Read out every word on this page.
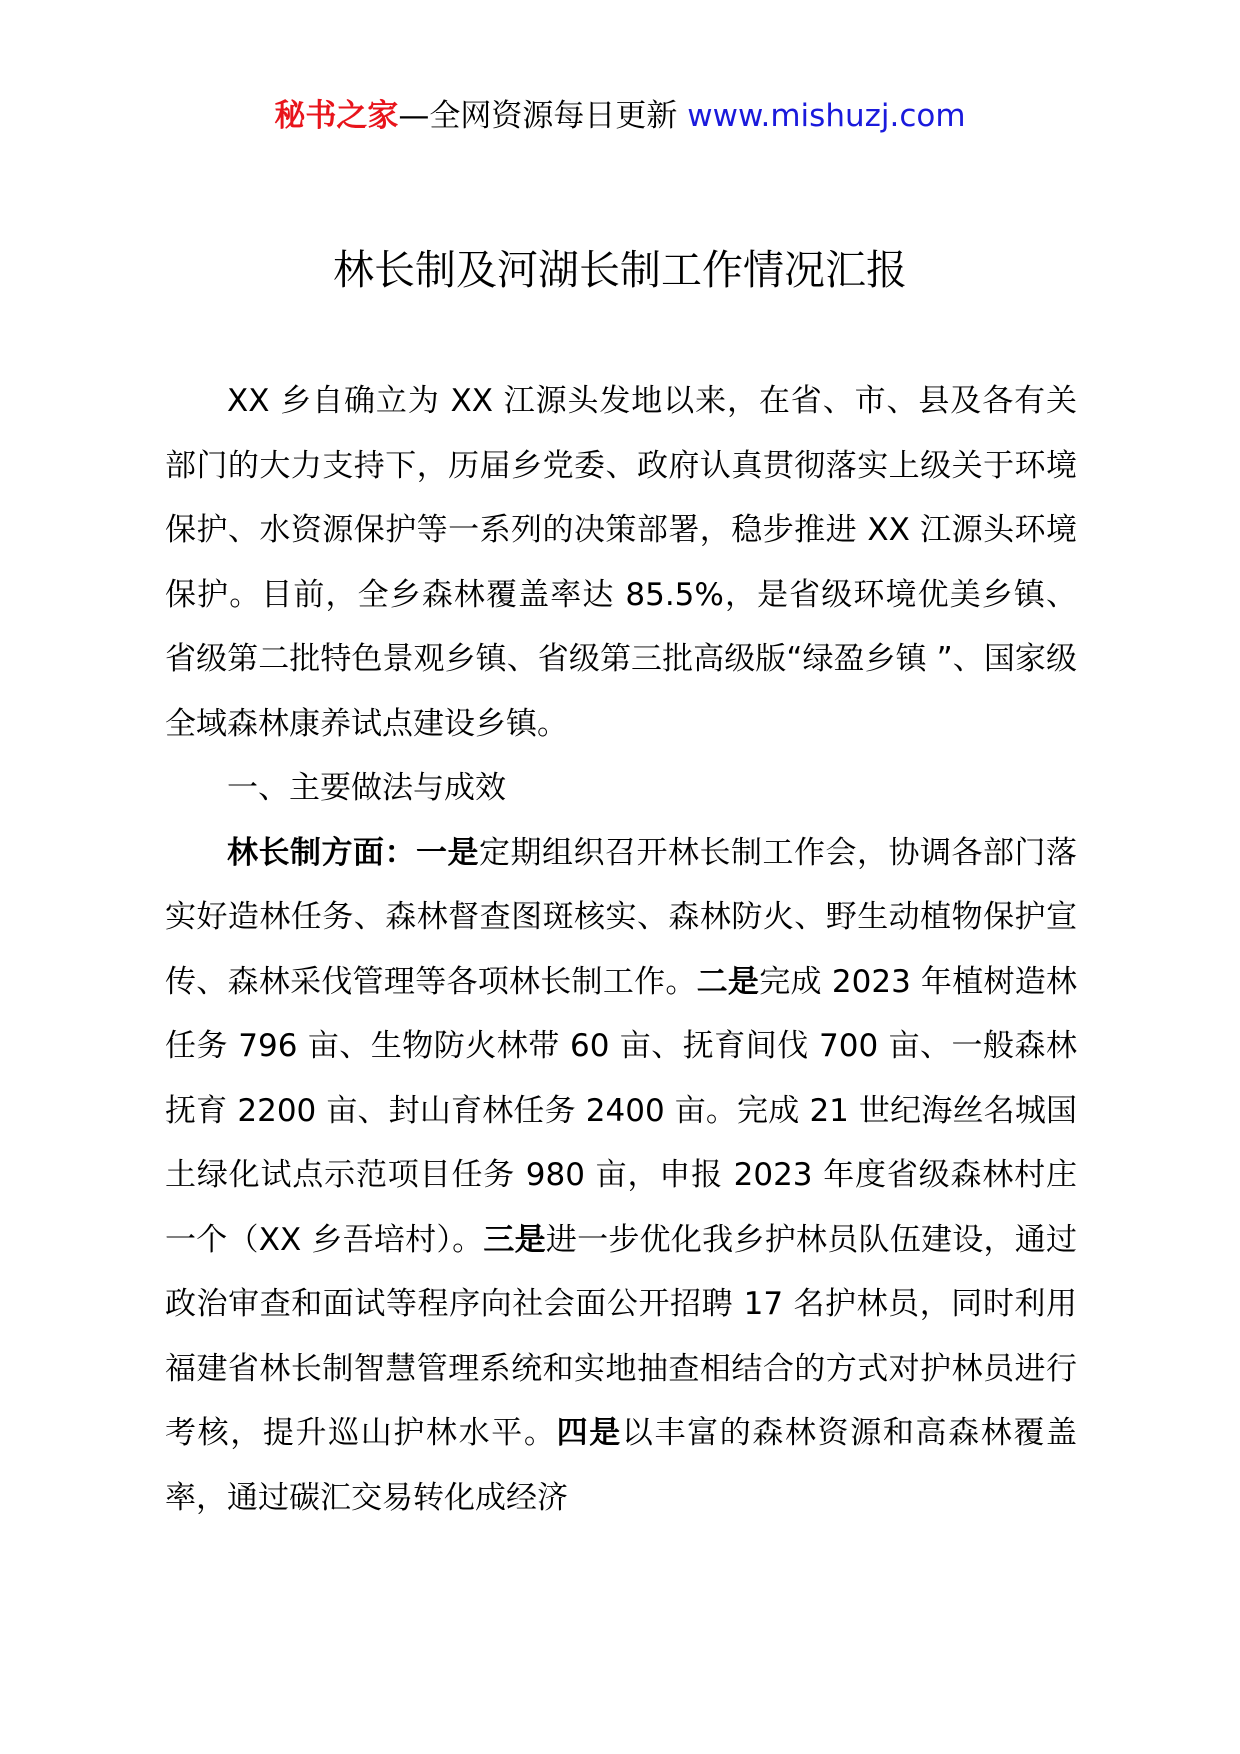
秘书之家—全网资源每日更新 www.mishuzj.com
林长制及河湖长制工作情况汇报

XX 乡自确立为 XX 江源头发地以来，在省、市、县及各有关部门的大力支持下，历届乡党委、政府认真贯彻落实上级关于环境保护、水资源保护等一系列的决策部署，稳步推进 XX 江源头环境保护。目前，全乡森林覆盖率达 85.5%，是省级环境优美乡镇、省级第二批特色景观乡镇、省级第三批高级版“绿盈乡镇 ”、国家级全域森林康养试点建设乡镇。

一、主要做法与成效

林长制方面：一是定期组织召开林长制工作会，协调各部门落实好造林任务、森林督查图斑核实、森林防火、野生动植物保护宣传、森林采伐管理等各项林长制工作。二是完成 2023 年植树造林任务 796 亩、生物防火林带 60 亩、抚育间伐 700 亩、一般森林抚育 2200 亩、封山育林任务 2400 亩。完成 21 世纪海丝名城国土绿化试点示范项目任务 980 亩，申报 2023 年度省级森林村庄一个（XX 乡吾培村）。三是进一步优化我乡护林员队伍建设，通过政治审查和面试等程序向社会面公开招聘 17 名护林员，同时利用福建省林长制智慧管理系统和实地抽查相结合的方式对护林员进行考核，提升巡山护林水平。四是以丰富的森林资源和高森林覆盖率，通过碳汇交易转化成经济
